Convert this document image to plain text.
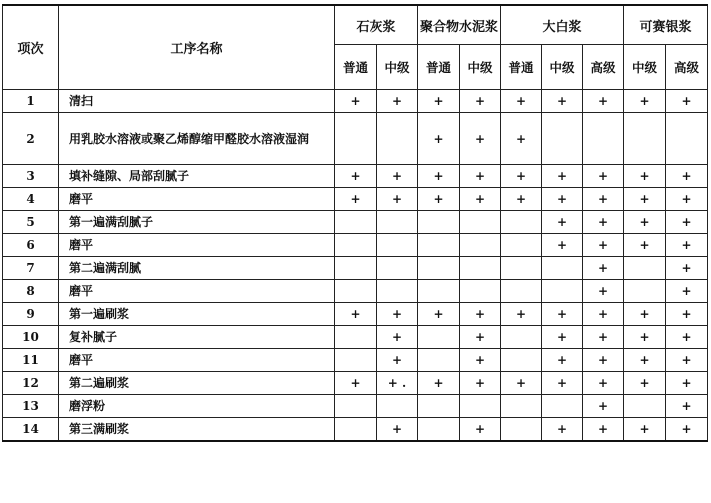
项次	工序名称	石灰浆		聚合物水泥浆		大白浆			可赛银浆	
		普通	中级	普通	中级	普通	中级	高级	中级	高级
1	清扫	+	+	+	+	+	+	+	+	+
2	用乳胶水溶液或聚乙烯醇缩甲醛胶水溶液湿润			+	+	+				
3	填补缝隙、局部刮腻子	+	+	+	+	+	+	+	+	+
4	磨平	+	+	+	+	+	+	+	+	+
5	第一遍满刮腻子						+	+	+	+
6	磨平						+	+	+	+
7	第二遍满刮腻							+		+
8	磨平							+		+
9	第一遍刷浆	+	+	+	+	+	+	+	+	+
10	复补腻子		+		+		+	+	+	+
11	磨平		+		+		+	+	+	+
12	第二遍刷浆	+	+ .	+	+	+	+	+	+	+
13	磨浮粉							+		+
14	第三满刷浆		+		+		+	+	+	+
